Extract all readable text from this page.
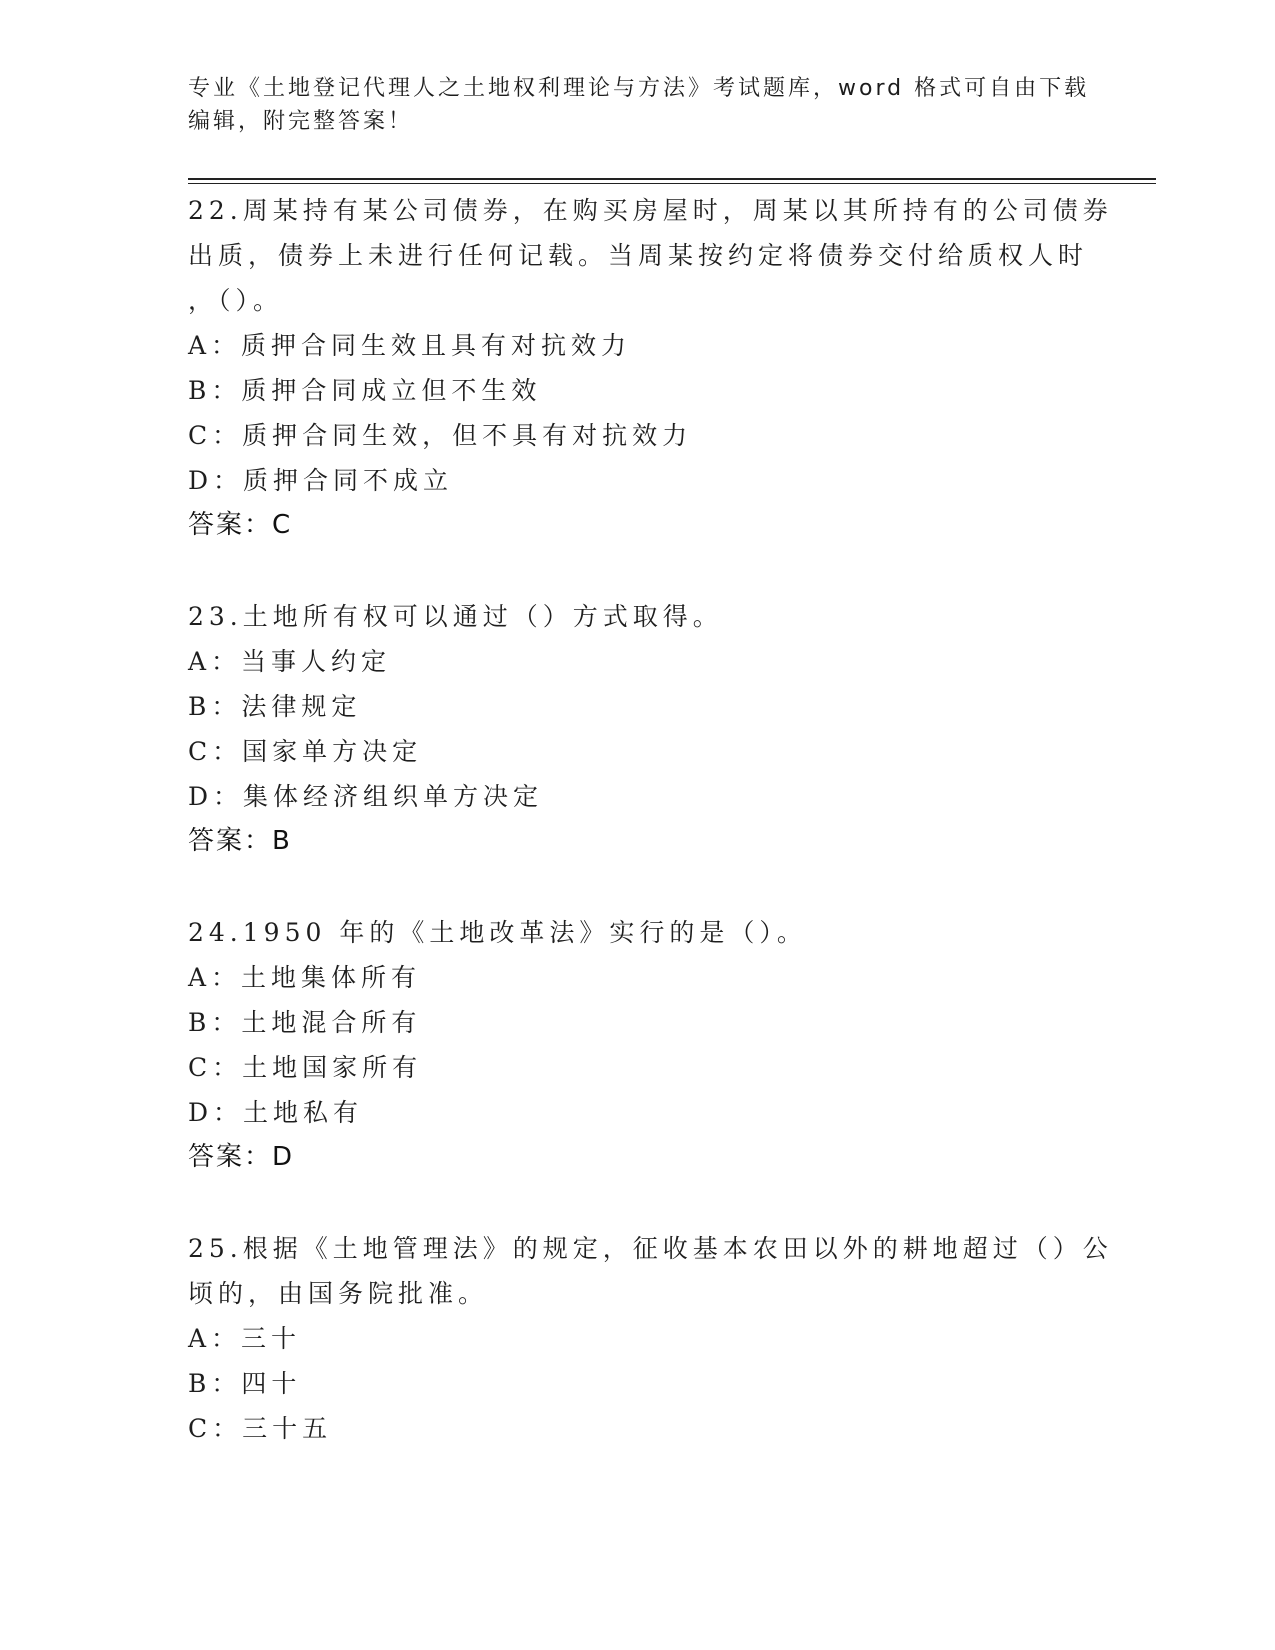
专业《土地登记代理人之土地权利理论与方法》考试题库，word 格式可自由下载
编辑，附完整答案！
22.周某持有某公司债券，在购买房屋时，周某以其所持有的公司债券
出质，债券上未进行任何记载。当周某按约定将债券交付给质权人时
，（）。
A：质押合同生效且具有对抗效力
B：质押合同成立但不生效
C：质押合同生效，但不具有对抗效力
D：质押合同不成立
答案：C
23.土地所有权可以通过（）方式取得。
A：当事人约定
B：法律规定
C：国家单方决定
D：集体经济组织单方决定
答案：B
24.1950 年的《土地改革法》实行的是（）。
A：土地集体所有
B：土地混合所有
C：土地国家所有
D：土地私有
答案：D
25.根据《土地管理法》的规定，征收基本农田以外的耕地超过（）公
顷的，由国务院批准。
A：三十
B：四十
C：三十五
